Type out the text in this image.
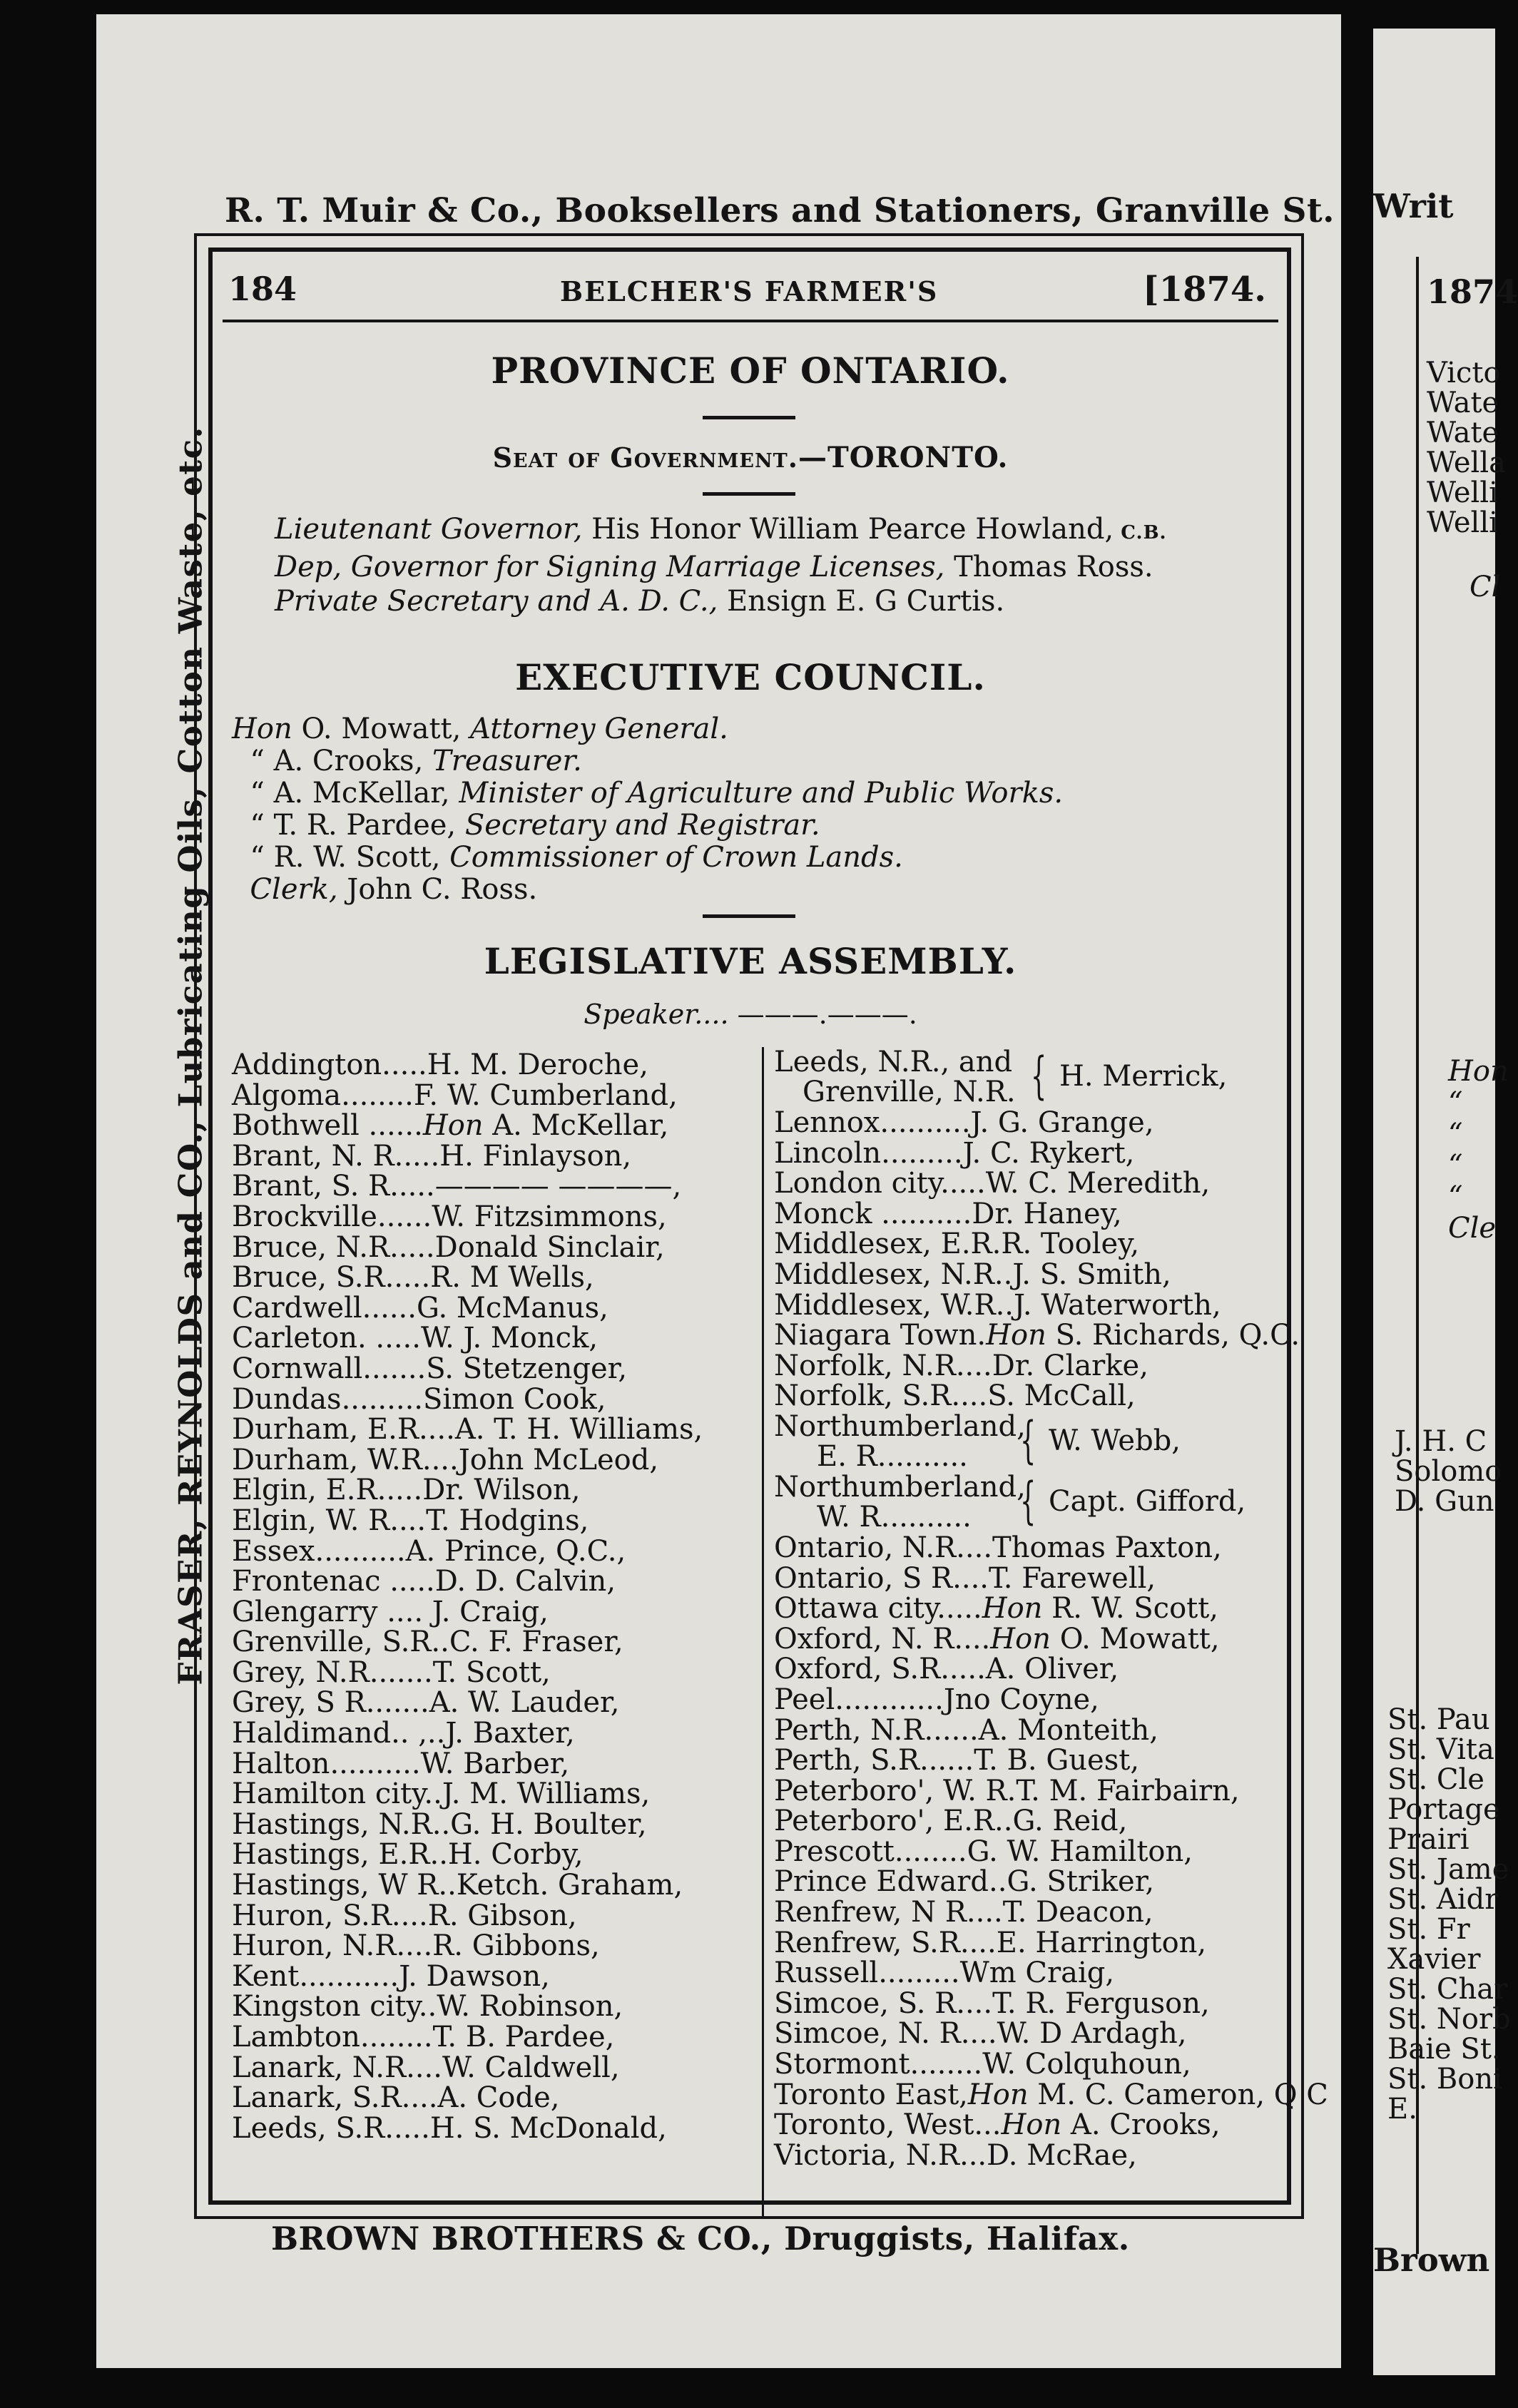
Writ
1874
Victo
Wate
Wate
Wella
Welli
Welli
Cl
Hon
“
“
“
“
Cle
J. H. C
Solomo
D. Gun
St. Pau
St. Vita
St. Cle
Portage
Prairi
St. Jame
St. Aidr
St. Fr
Xavier
St. Char
St. Norb
Baie St.
St. Boni
E.
Brown
R. T. Muir & Co., Booksellers and Stationers, Granville St.
FRASER, REYNOLDS and CO., Lubricating Oils, Cotton Waste, etc.
BROWN BROTHERS & CO., Druggists, Halifax.
184	BELCHER'S FARMER'S	[1874.
PROVINCE OF ONTARIO.
Seat of Government.—TORONTO.
Lieutenant Governor, His Honor William Pearce Howland, C.B.
Dep, Governor for Signing Marriage Licenses, Thomas Ross.
Private Secretary and A. D. C., Ensign E. G Curtis.
EXECUTIVE COUNCIL.
Hon O. Mowatt, Attorney General.
“ A. Crooks, Treasurer.
“ A. McKellar, Minister of Agriculture and Public Works.
“ T. R. Pardee, Secretary and Registrar.
“ R. W. Scott, Commissioner of Crown Lands.
Clerk, John C. Ross.
LEGISLATIVE ASSEMBLY.
Speaker.... ———.———.
Addington.....H. M. Deroche,
Algoma........F. W. Cumberland,
Bothwell ......Hon A. McKellar,
Brant, N. R.....H. Finlayson,
Brant, S. R.....———— ————,
Brockville......W. Fitzsimmons,
Bruce, N.R.....Donald Sinclair,
Bruce, S.R.....R. M Wells,
Cardwell......G. McManus,
Carleton. .....W. J. Monck,
Cornwall.......S. Stetzenger,
Dundas.........Simon Cook,
Durham, E.R....A. T. H. Williams,
Durham, W.R....John McLeod,
Elgin, E.R.....Dr. Wilson,
Elgin, W. R....T. Hodgins,
Essex..........A. Prince, Q.C.,
Frontenac .....D. D. Calvin,
Glengarry .... J. Craig,
Grenville, S.R..C. F. Fraser,
Grey, N.R.......T. Scott,
Grey, S R.......A. W. Lauder,
Haldimand.. ,..J. Baxter,
Halton..........W. Barber,
Hamilton city..J. M. Williams,
Hastings, N.R..G. H. Boulter,
Hastings, E.R..H. Corby,
Hastings, W R..Ketch. Graham,
Huron, S.R....R. Gibson,
Huron, N.R....R. Gibbons,
Kent...........J. Dawson,
Kingston city..W. Robinson,
Lambton........T. B. Pardee,
Lanark, N.R....W. Caldwell,
Lanark, S.R....A. Code,
Leeds, S.R.....H. S. McDonald,
Leeds, N.R., and
Grenville, N.R. { H. Merrick,
Lennox..........J. G. Grange,
Lincoln.........J. C. Rykert,
London city.....W. C. Meredith,
Monck ..........Dr. Haney,
Middlesex, E.R.R. Tooley,
Middlesex, N.R..J. S. Smith,
Middlesex, W.R..J. Waterworth,
Niagara Town.Hon S. Richards, Q.C.
Norfolk, N.R....Dr. Clarke,
Norfolk, S.R....S. McCall,
Northumberland,
E. R.......... { W. Webb,
Northumberland,
W. R.......... { Capt. Gifford,
Ontario, N.R....Thomas Paxton,
Ontario, S R....T. Farewell,
Ottawa city.....Hon R. W. Scott,
Oxford, N. R....Hon O. Mowatt,
Oxford, S.R.....A. Oliver,
Peel............Jno Coyne,
Perth, N.R......A. Monteith,
Perth, S.R......T. B. Guest,
Peterboro', W. R.T. M. Fairbairn,
Peterboro', E.R..G. Reid,
Prescott........G. W. Hamilton,
Prince Edward..G. Striker,
Renfrew, N R....T. Deacon,
Renfrew, S.R....E. Harrington,
Russell.........Wm Craig,
Simcoe, S. R....T. R. Ferguson,
Simcoe, N. R....W. D Ardagh,
Stormont........W. Colquhoun,
Toronto East,Hon M. C. Cameron, Q C
Toronto, West...Hon A. Crooks,
Victoria, N.R...D. McRae,
